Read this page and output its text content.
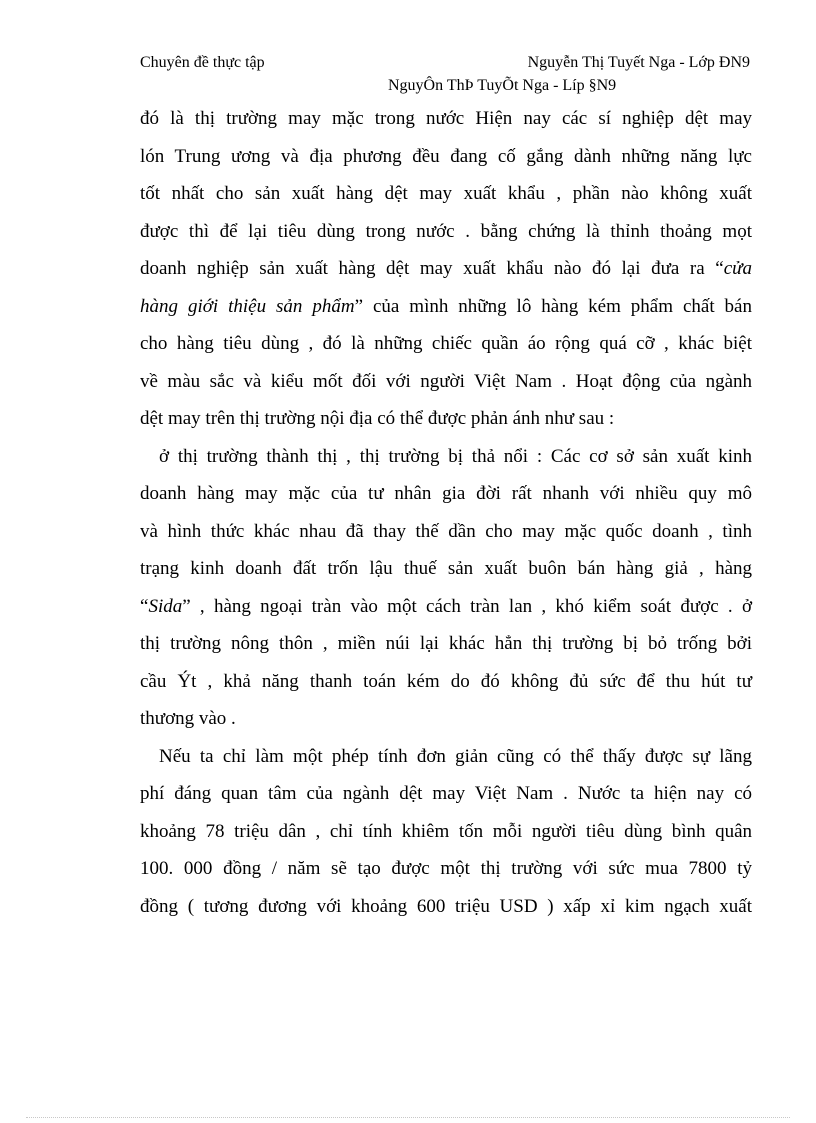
Chuyên đề thực tập	Nguyễn Thị Tuyết Nga - Lớp ĐN9
NguyÔn ThÞ TuyÕt Nga - Líp §N9
đó là thị trường may mặc trong nước Hiện nay các sí nghiệp dệt may
lón Trung ương và địa phương đều đang cố gắng dành những năng lực
tốt nhất cho sản xuất hàng dệt may xuất khẩu , phần nào không xuất
được thì để lại tiêu dùng trong nước . bằng chứng là thỉnh thoảng mọt
doanh nghiệp sản xuất hàng dệt may xuất khẩu nào đó lại đưa ra “cửa
hàng giới thiệu sản phẩm” của mình những lô hàng kém phẩm chất bán
cho hàng tiêu dùng , đó là những chiếc quần áo rộng quá cỡ , khác biệt
về màu sắc và kiểu mốt đối với người Việt Nam . Hoạt động của ngành
dệt may trên thị trường nội địa có thể được phản ánh như sau :
ở thị trường thành thị , thị trường bị thả nổi : Các cơ sở sản xuất kinh
doanh hàng may mặc của tư nhân gia đời rất nhanh với nhiều quy mô
và hình thức khác nhau đã thay thế dần cho may mặc quốc doanh , tình
trạng kinh doanh đất trốn lậu thuế sản xuất buôn bán hàng giả , hàng
“Sida” , hàng ngoại tràn vào một cách tràn lan , khó kiểm soát được . ở
thị trường nông thôn , miền núi lại khác hẳn thị trường bị bỏ trống bởi
cầu Ýt , khả năng thanh toán kém do đó không đủ sức để thu hút tư
thương vào .
Nếu ta chỉ làm một phép tính đơn giản cũng có thể thấy được sự lãng
phí đáng quan tâm của ngành dệt may Việt Nam . Nước ta hiện nay có
khoảng 78 triệu dân , chỉ tính khiêm tốn mỗi người tiêu dùng bình quân
100. 000 đồng / năm sẽ tạo được một thị trường với sức mua 7800 tỷ
đồng ( tương đương với khoảng 600 triệu USD ) xấp xỉ kim ngạch xuất
